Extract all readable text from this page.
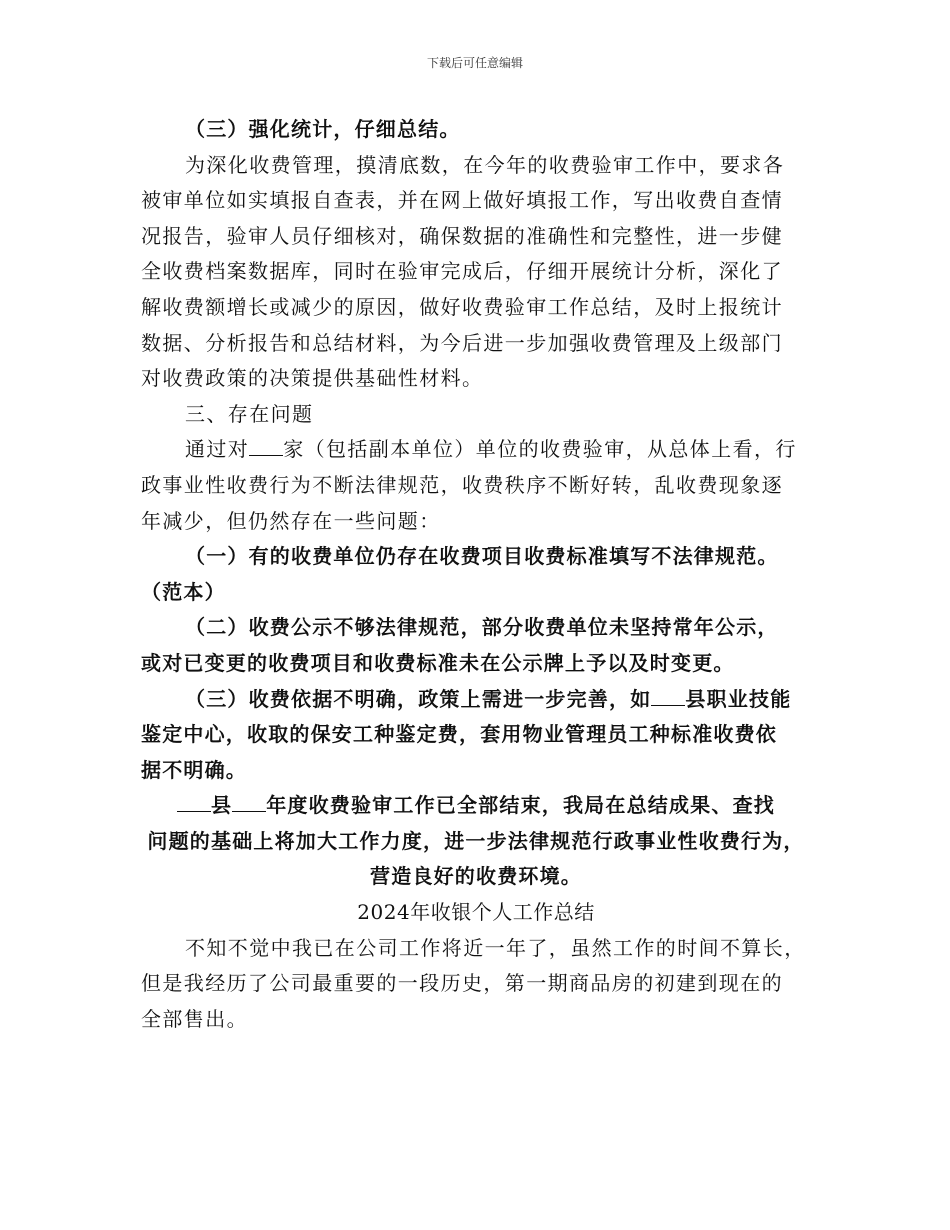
下载后可任意编辑

（三）强化统计，仔细总结。

为深化收费管理，摸清底数，在今年的收费验审工作中，要求各

被审单位如实填报自查表，并在网上做好填报工作，写出收费自查情

况报告，验审人员仔细核对，确保数据的准确性和完整性，进一步健

全收费档案数据库，同时在验审完成后，仔细开展统计分析，深化了

解收费额增长或减少的原因，做好收费验审工作总结，及时上报统计

数据、分析报告和总结材料，为今后进一步加强收费管理及上级部门

对收费政策的决策提供基础性材料。

三、存在问题

通过对 家（包括副本单位）单位的收费验审，从总体上看，行

政事业性收费行为不断法律规范，收费秩序不断好转，乱收费现象逐

年减少，但仍然存在一些问题：

（一）有的收费单位仍存在收费项目收费标准填写不法律规范。

（范本）

（二）收费公示不够法律规范，部分收费单位未坚持常年公示，

或对已变更的收费项目和收费标准未在公示牌上予以及时变更。

（三）收费依据不明确，政策上需进一步完善，如 县职业技能

鉴定中心，收取的保安工种鉴定费，套用物业管理员工种标准收费依

据不明确。

县 年度收费验审工作已全部结束，我局在总结成果、查找

问题的基础上将加大工作力度，进一步法律规范行政事业性收费行为，

营造良好的收费环境。

2024年收银个人工作总结

不知不觉中我已在公司工作将近一年了，虽然工作的时间不算长，

但是我经历了公司最重要的一段历史，第一期商品房的初建到现在的

全部售出。
